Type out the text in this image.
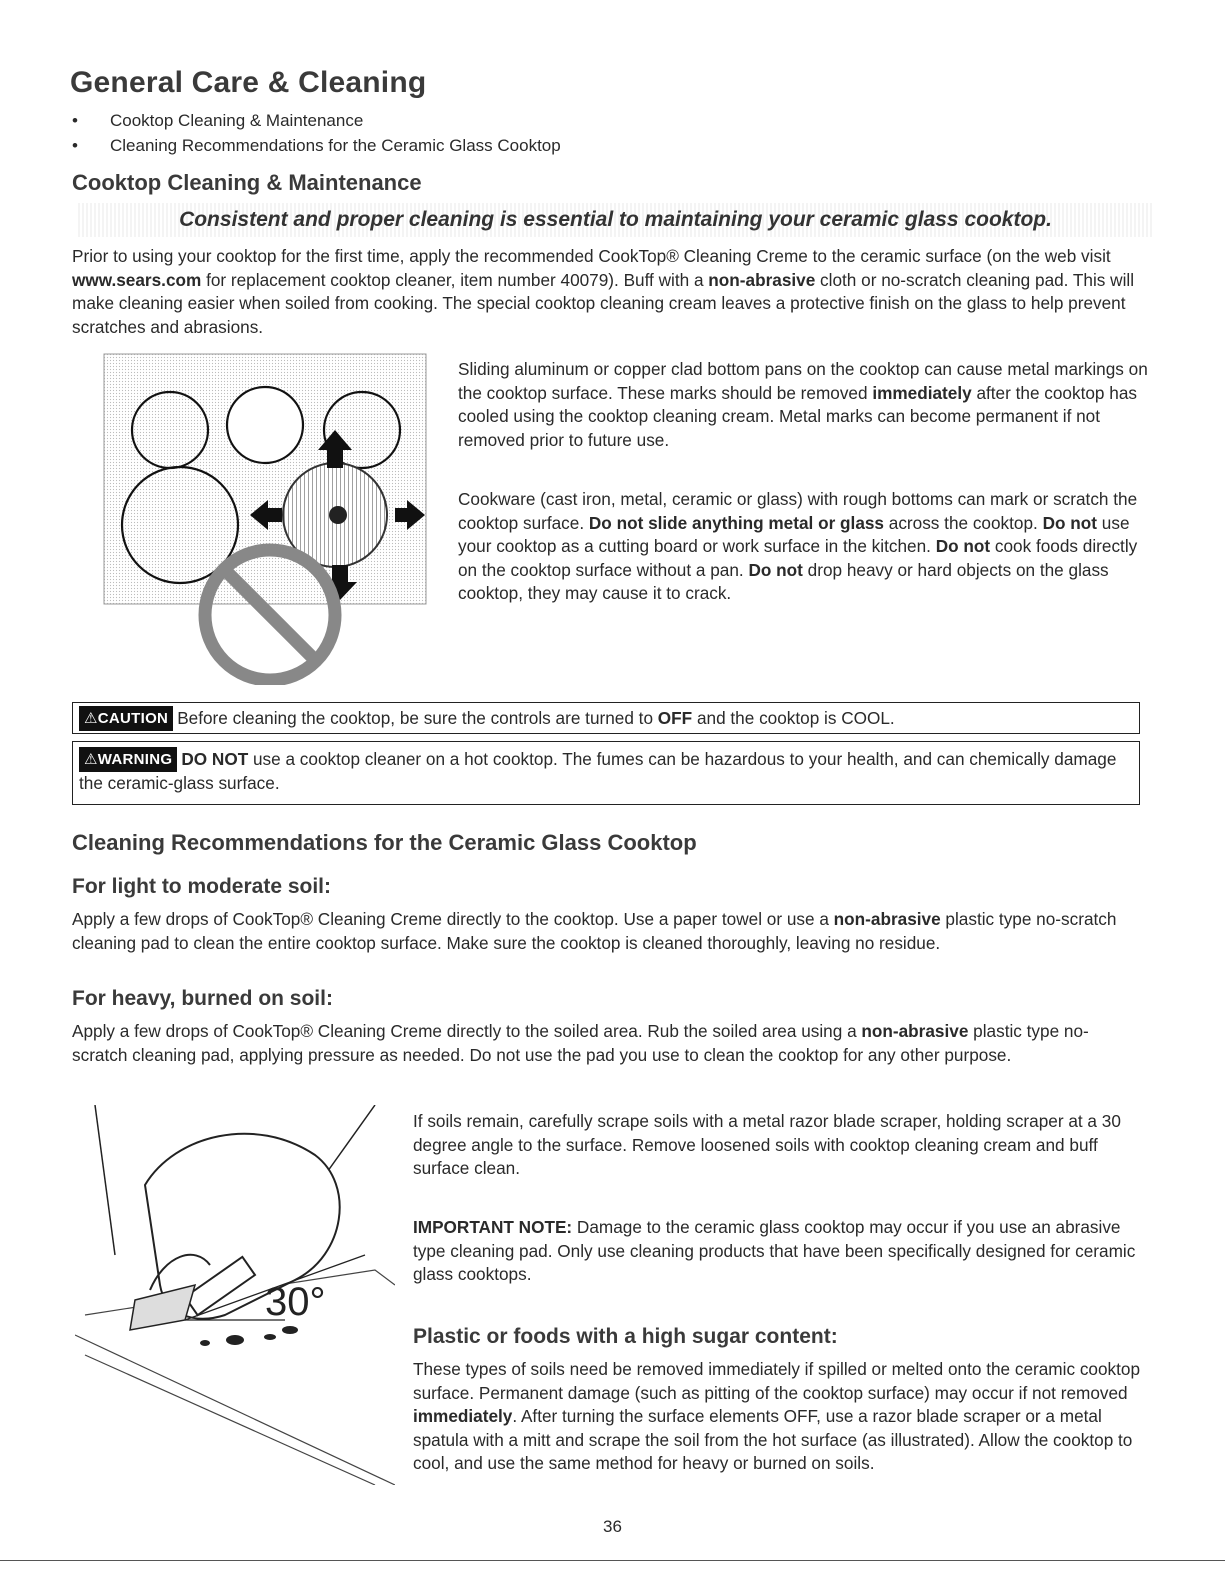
General Care & Cleaning
• Cooktop Cleaning & Maintenance
• Cleaning Recommendations for the Ceramic Glass Cooktop
Cooktop Cleaning & Maintenance
Consistent and proper cleaning is essential to maintaining your ceramic glass cooktop.
Prior to using your cooktop for the first time, apply the recommended CookTop® Cleaning Creme to the ceramic surface (on the web visit www.sears.com for replacement cooktop cleaner, item number 40079). Buff with a non-abrasive cloth or no-scratch cleaning pad. This will make cleaning easier when soiled from cooking. The special cooktop cleaning cream leaves a protective finish on the glass to help prevent scratches and abrasions.
Sliding aluminum or copper clad bottom pans on the cooktop can cause metal markings on the cooktop surface. These marks should be removed immediately after the cooktop has cooled using the cooktop cleaning cream. Metal marks can become permanent if not removed prior to future use.
Cookware (cast iron, metal, ceramic or glass) with rough bottoms can mark or scratch the cooktop surface. Do not slide anything metal or glass across the cooktop. Do not use your cooktop as a cutting board or work surface in the kitchen. Do not cook foods directly on the cooktop surface without a pan. Do not drop heavy or hard objects on the glass cooktop, they may cause it to crack.
⚠CAUTION Before cleaning the cooktop, be sure the controls are turned to OFF and the cooktop is COOL.
⚠WARNING DO NOT use a cooktop cleaner on a hot cooktop. The fumes can be hazardous to your health, and can chemically damage the ceramic-glass surface.
Cleaning Recommendations for the Ceramic Glass Cooktop
For light to moderate soil:
Apply a few drops of CookTop® Cleaning Creme directly to the cooktop. Use a paper towel or use a non-abrasive plastic type no-scratch cleaning pad to clean the entire cooktop surface. Make sure the cooktop is cleaned thoroughly, leaving no residue.
For heavy, burned on soil:
Apply a few drops of CookTop® Cleaning Creme directly to the soiled area. Rub the soiled area using a non-abrasive plastic type no-scratch cleaning pad, applying pressure as needed. Do not use the pad you use to clean the cooktop for any other purpose.
30°
If soils remain, carefully scrape soils with a metal razor blade scraper, holding scraper at a 30 degree angle to the surface. Remove loosened soils with cooktop cleaning cream and buff surface clean.
IMPORTANT NOTE: Damage to the ceramic glass cooktop may occur if you use an abrasive type cleaning pad. Only use cleaning products that have been specifically designed for ceramic glass cooktops.
Plastic or foods with a high sugar content:
These types of soils need be removed immediately if spilled or melted onto the ceramic cooktop surface. Permanent damage (such as pitting of the cooktop surface) may occur if not removed immediately. After turning the surface elements OFF, use a razor blade scraper or a metal spatula with a mitt and scrape the soil from the hot surface (as illustrated). Allow the cooktop to cool, and use the same method for heavy or burned on soils.
36
